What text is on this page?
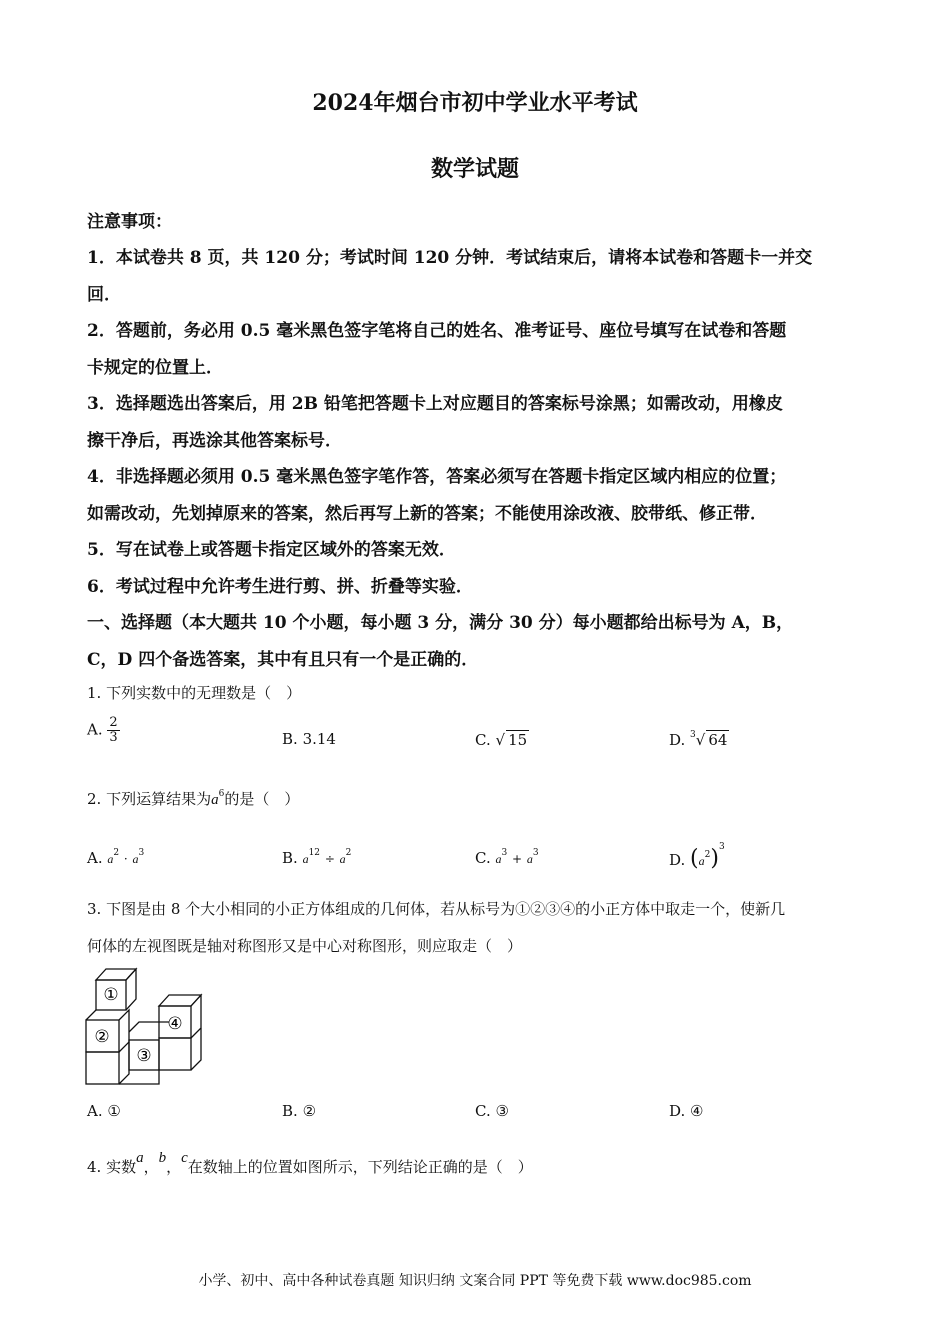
2024年烟台市初中学业水平考试
数学试题
注意事项：
1．本试卷共 8 页，共 120 分；考试时间 120 分钟．考试结束后，请将本试卷和答题卡一并交
回．
2．答题前，务必用 0.5 毫米黑色签字笔将自己的姓名、准考证号、座位号填写在试卷和答题
卡规定的位置上．
3．选择题选出答案后，用 2B 铅笔把答题卡上对应题目的答案标号涂黑；如需改动，用橡皮
擦干净后，再选涂其他答案标号．
4．非选择题必须用 0.5 毫米黑色签字笔作答，答案必须写在答题卡指定区域内相应的位置；
如需改动，先划掉原来的答案，然后再写上新的答案；不能使用涂改液、胶带纸、修正带．
5．写在试卷上或答题卡指定区域外的答案无效．
6．考试过程中允许考生进行剪、拼、折叠等实验．
一、选择题（本大题共 10 个小题，每小题 3 分，满分 30 分）每小题都给出标号为 A，B，
C，D 四个备选答案，其中有且只有一个是正确的．
1. 下列实数中的无理数是（　）
A. $\frac{2}{3}$	B. 3.14	C. √ 15	D. $^3$√ 64
2. 下列运算结果为$a^6$的是（　）
A. $a^2 \cdot a^3$	B. $a^{12} \div a^2$	C. $a^3 + a^3$	D. $(a^2)^3$
3. 下图是由 8 个大小相同的小正方体组成的几何体，若从标号为①②③④的小正方体中取走一个，使新几
何体的左视图既是轴对称图形又是中心对称图形，则应取走（　）
①
②
③
④
A. ①	B. ②	C. ③	D. ④
4. 实数a，b，c在数轴上的位置如图所示，下列结论正确的是（　）
小学、初中、高中各种试卷真题 知识归纳 文案合同 PPT 等免费下载 www.doc985.com
